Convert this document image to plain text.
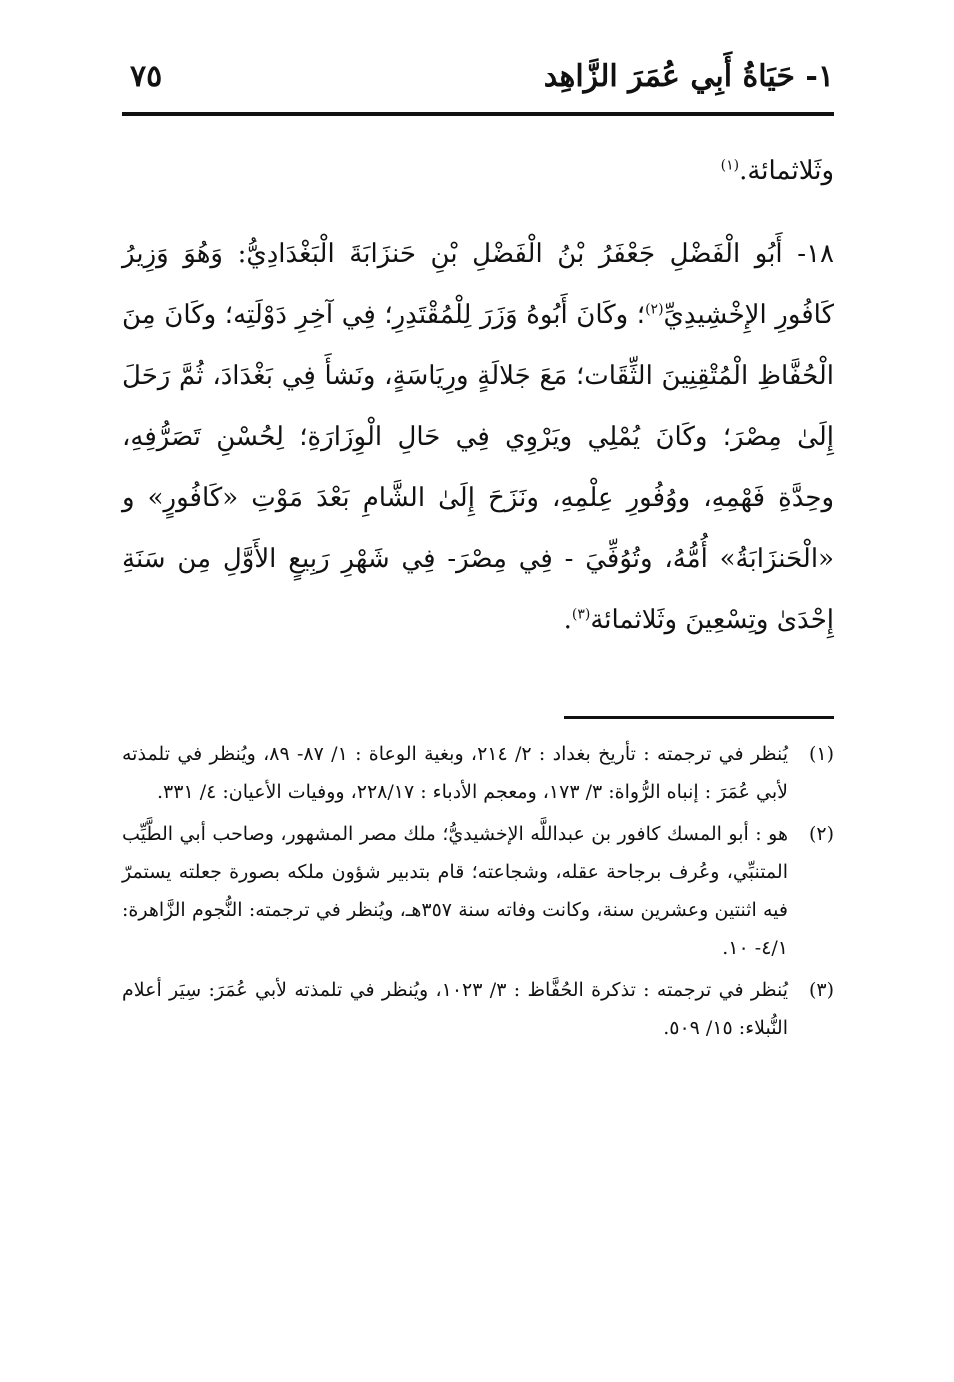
١- حَيَاةُ أَبِي عُمَرَ الزَّاهِد
٧٥

وثَلاثمائة.$^{(١)}$

١٨- أَبُو الْفَضْلِ جَعْفَرُ بْنُ الْفَضْلِ بْنِ حَنزَابَةَ الْبَغْدَادِيُّ: وَهُوَ وَزِيرُ كَافُورِ الإِخْشِيدِيِّ$^{(٢)}$؛ وكَانَ أَبُوهُ وَزَرَ لِلْمُقْتَدِرِ؛ فِي آخِرِ دَوْلَتِه؛ وكَانَ مِنَ الْحُفَّاظِ الْمُتْقِنِينَ الثِّقَات؛ مَعَ جَلالَةٍ ورِيَاسَةٍ، ونَشأَ فِي بَغْدَادَ، ثُمَّ رَحَلَ إِلَىٰ مِصْرَ؛ وكَانَ يُمْلِي ويَرْوِي فِي حَالِ الْوِزَارَةِ؛ لِحُسْنِ تَصَرُّفِهِ، وحِدَّةِ فَهْمِهِ، ووُفُورِ عِلْمِهِ، ونَزَحَ إِلَىٰ الشَّامِ بَعْدَ مَوْتِ «كَافُورٍ» و «الْحَنزَابَةُ» أُمُّهُ، وتُوُفِّيَ - فِي مِصْرَ- فِي شَهْرِ رَبِيعٍ الأَوَّلِ مِن سَنَةِ إِحْدَىٰ وتِسْعِينَ وثَلاثمائة$^{(٣)}$.

(١)
يُنظر في ترجمته : تأريخ بغداد : ٢/ ٢١٤، وبغية الوعاة : ١/ ٨٧- ٨٩، ويُنظر في تلمذته لأبي عُمَرَ : إنباه الرُّواة: ٣/ ١٧٣، ومعجم الأدباء : ٢٢٨/١٧، ووفيات الأعيان: ٤/ ٣٣١.
(٢)
هو : أبو المسك كافور بن عبداللَّه الإخشيديُّ؛ ملك مصر المشهور، وصاحب أبي الطَّيِّب المتنبِّي، وعُرف برجاحة عقله، وشجاعته؛ قام بتدبير شؤون ملكه بصورة جعلته يستمرّ فيه اثنتين وعشرين سنة، وكانت وفاته سنة ٣٥٧هـ، ويُنظر في ترجمته: النُّجوم الزَّاهرة: ٤/١- ١٠.
(٣)
يُنظر في ترجمته : تذكرة الحُفَّاظ : ٣/ ١٠٢٣، ويُنظر في تلمذته لأبي عُمَرَ: سِيَر أعلام النُّبلاء: ١٥/ ٥٠٩.
